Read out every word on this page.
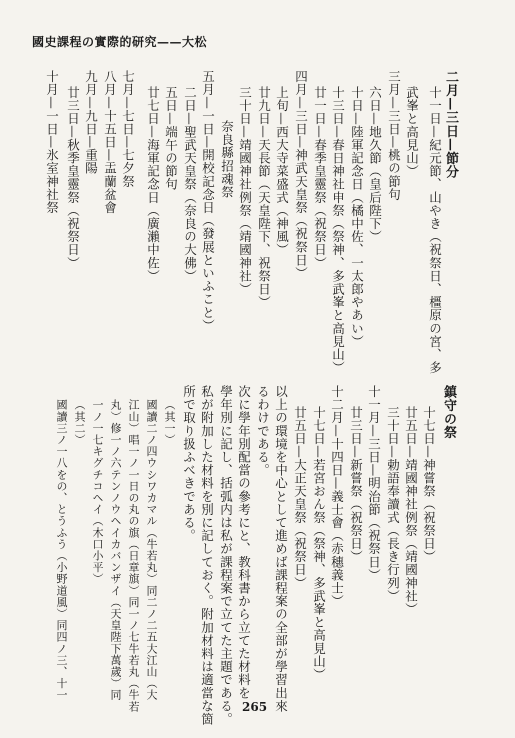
國史課程の實際的研究——大松
二月—三日—節分
十一日—紀元節、山やき（祝祭日、橿原の宮、多
武峯と高見山）
三月—三日—桃の節句
六日—地久節（皇后陛下）
十日—陸軍記念日（橘中佐、一太郎やあい）
十三日—春日神社申祭（祭神、多武峯と高見山）
廿一日—春季皇靈祭（祝祭日）
四月—三日—神武天皇祭（祝祭日）
上旬—西大寺菜盛式（神風）
廿九日—天長節（天皇陛下、祝祭日）
三十日—靖國神社例祭（靖國神社）
奈良縣招魂祭
五月—一日—開校記念日（發展といふこと）
二日—聖武天皇祭（奈良の大佛）
五日—端午の節句
廿七日—海軍記念日（廣瀨中佐）
七月—七日—七夕祭
八月—十五日—盂蘭盆會
九月—九日—重陽
廿三日—秋季皇靈祭（祝祭日）
十月—一日—氷室神社祭
鎮守の祭
十七日—神嘗祭（祝祭日）
廿五日—靖國神社例祭（靖國神社）
三十日—勅語奉讀式（長き行列）
十一月—三日—明治節（祝祭日）
廿三日—新嘗祭（祝祭日）
十二月—十四日—義士會（赤穗義士）
十七日—若宮おん祭（祭神、多武峯と高見山）
廿五日—大正天皇祭（祝祭日）
以上の環境を中心として進めば課程案の全部が學習出來
るわけである。
次に學年別配當の參考にと、教科書から立てた材料を
學年別に記し、括弧内は私が課程案で立てた主題である。
私が附加した材料を別に記しておく。附加材料は適當な箇
所で取り扱ふべきである。
（其一）
國讀二ノ四ウシワカマル（牛若丸）同二ノ二五大江山（大
江山）唱一ノ一日の丸の旗（日章旗）同一ノ七牛若丸（牛若
丸）修一ノ六テンノウヘイカバンザイ（天皇陛下萬歲）同
一ノ一七キグチコヘイ（木口小平）
（其二）
國讀三ノ一八をの、とうふう（小野道風）同四ノ三、十一
265
